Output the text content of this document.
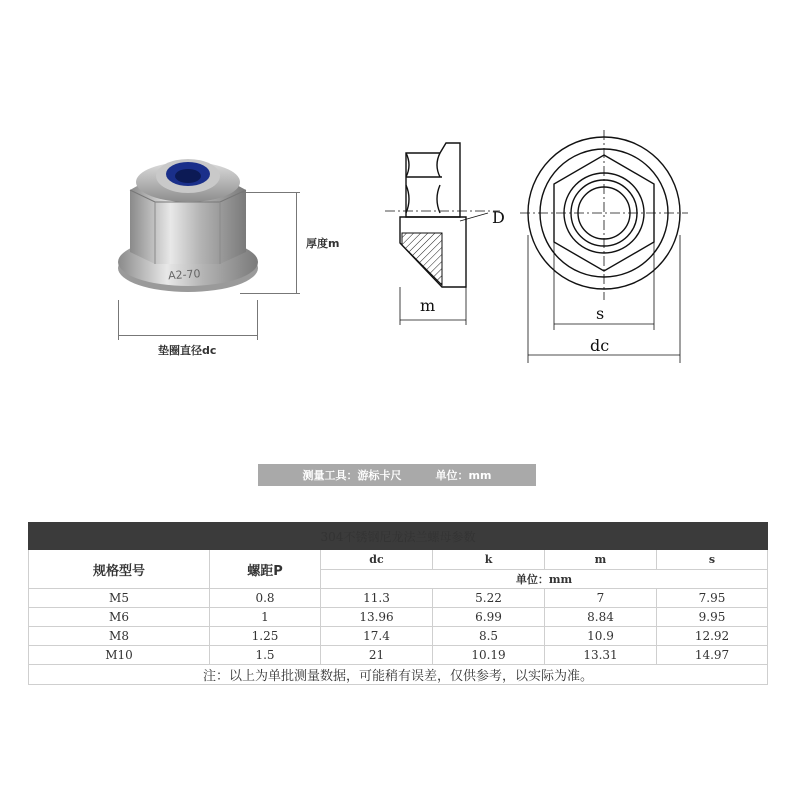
A2-70
厚度m
垫圈直径dc
D
m	s
dc
测量工具：游标卡尺	单位：mm
304不锈钢尼龙法兰螺母参数					
规格型号	螺距P	dc	k	m	s
		单位：mm			
M5	0.8	11.3	5.22	7	7.95
M6	1	13.96	6.99	8.84	9.95
M8	1.25	17.4	8.5	10.9	12.92
M10	1.5	21	10.19	13.31	14.97
注：以上为单批测量数据，可能稍有误差，仅供参考，以实际为准。					
